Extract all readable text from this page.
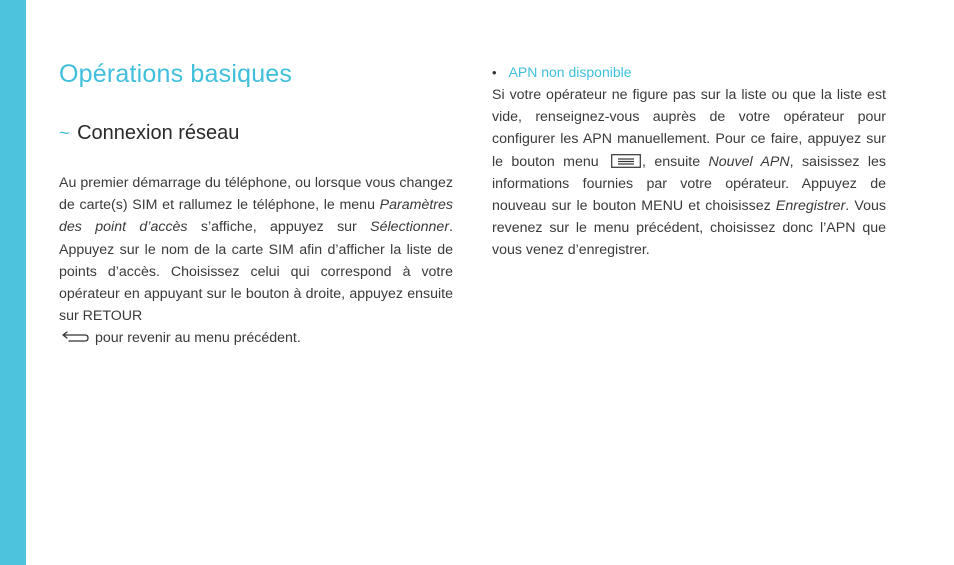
Opérations basiques
~ Connexion réseau
Au premier démarrage du téléphone, ou lorsque vous changez de carte(s) SIM et rallumez le téléphone, le menu Paramètres des point d’accès s’affiche, appuyez sur Sélectionner. Appuyez sur le nom de la carte SIM afin d’afficher la liste de points d’accès. Choisissez celui qui correspond à votre opérateur en appuyant sur le bouton à droite, appuyez ensuite sur RETOUR
pour revenir au menu précédent.
• APN non disponible
Si votre opérateur ne figure pas sur la liste ou que la liste est vide, renseignez-vous auprès de votre opérateur pour configurer les APN manuellement. Pour ce faire, appuyez sur le bouton menu , ensuite Nouvel APN, saisissez les informations fournies par votre opérateur. Appuyez de nouveau sur le bouton MENU et choisissez Enregistrer. Vous revenez sur le menu précédent, choisissez donc l’APN que vous venez d’enregistrer.
